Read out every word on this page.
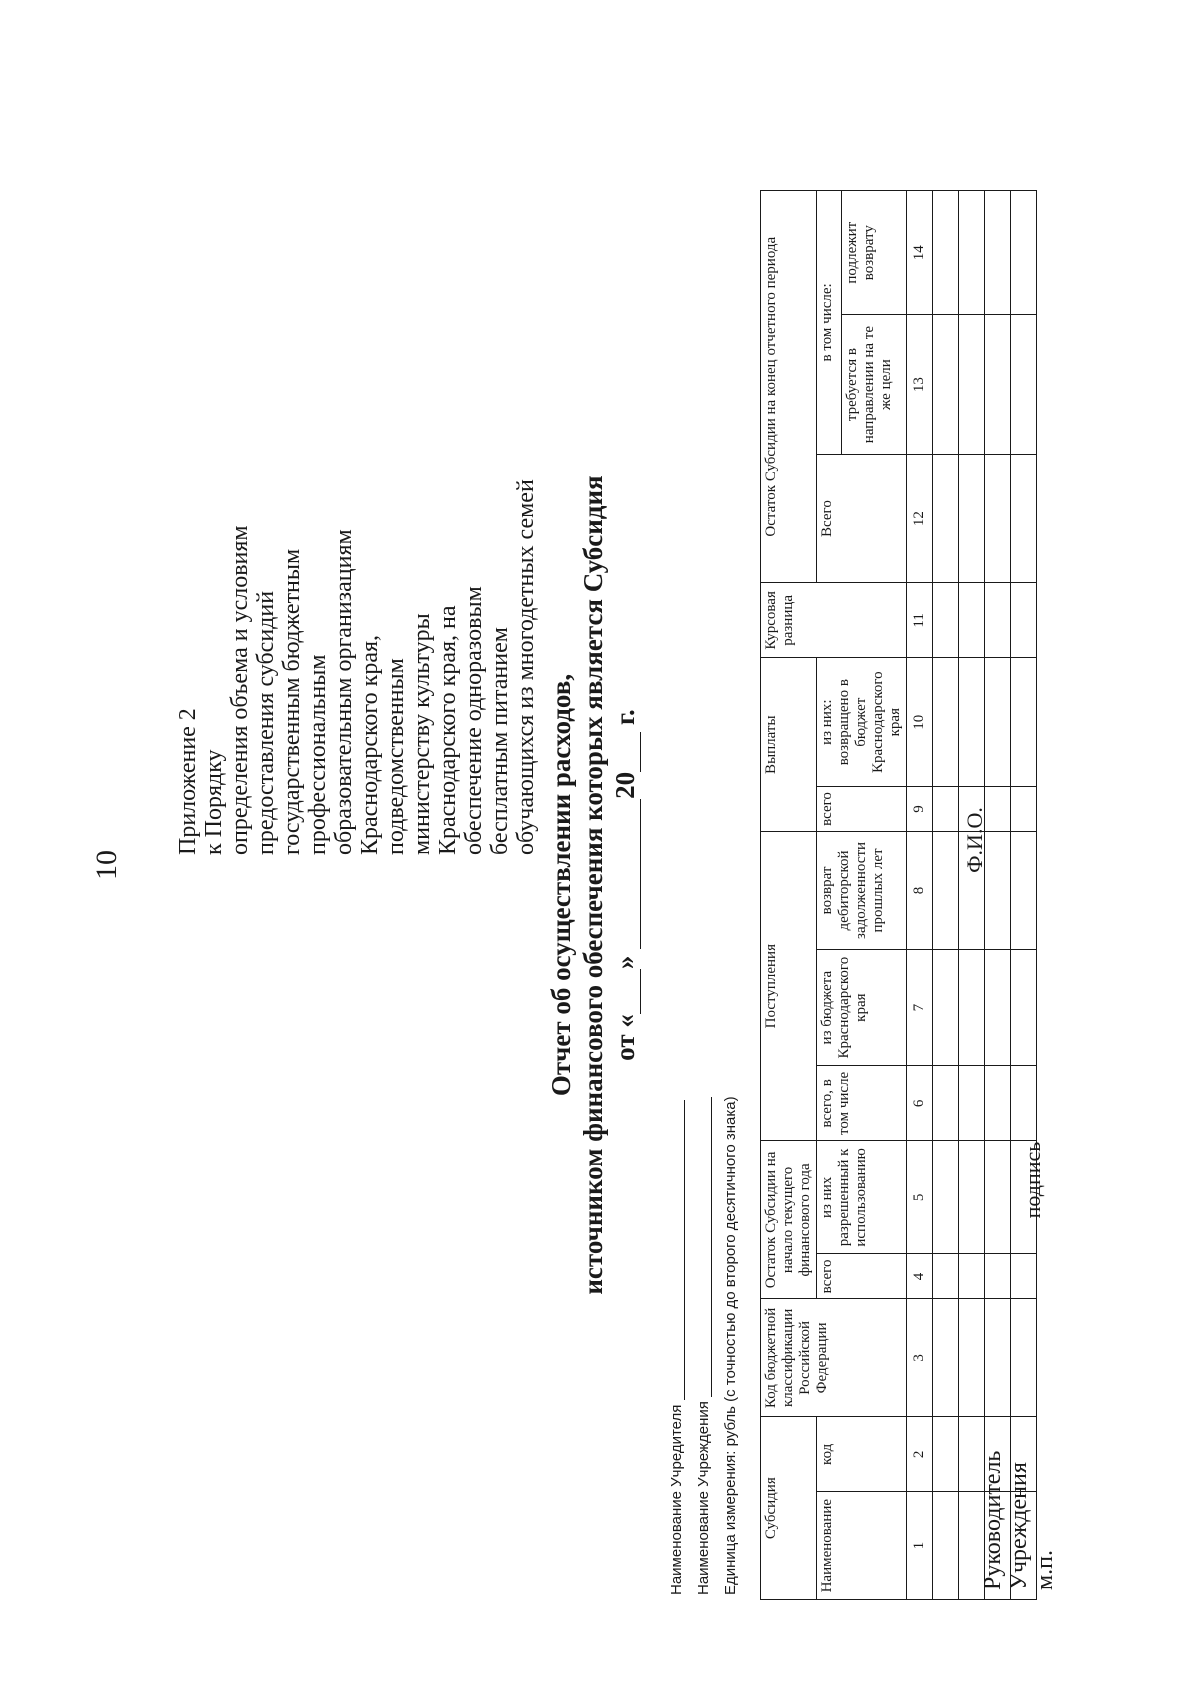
10
Приложение 2 к Порядку определения объема и условиям предоставления субсидий государственным бюджетным профессиональным образовательным организациям Краснодарского края, подведомственным министерству культуры Краснодарского края, на обеспечение одноразовым бесплатным питанием обучающихся из многодетных семей
Отчет об осуществлении расходов, источником финансового обеспечения которых является Субсидия от «» 20 г.
Наименование Учредителя Наименование Учреждения Единица измерения: рубль (с точностью до второго десятичного знака) Субсидия		Код бюджетной классификации Российской Федерации	Остаток Субсидии на начало текущего финансового года		Поступления			Выплаты		Курсовая разница	Остаток Субсидии на конец отчетного периода		
Наименование	код		всего	из них разрешенный к использованию	всего, в том числе	из бюджета Краснодарского края	возврат дебиторской задолженности прошлых лет	всего	из них: возвращено в бюджет Краснодарского края		Всего	в том числе:	
												требуется в направлении на те же цели	подлежит возврату
1	2	3	4	5	6	7	8	9	10	11	12	13	14

Руководитель Учреждения м.п.
подпись
Ф.И.О.
